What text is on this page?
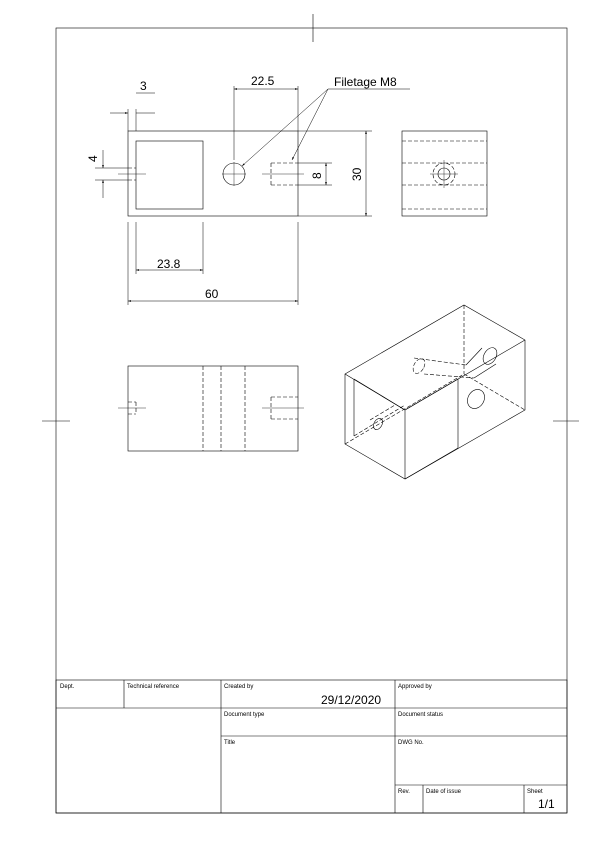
3	22.5
4
8 30
23.8
60
Filetage M8
Dept.	Technical reference	Created by
29/12/2020
Approved by
Document type	Document status
Title	DWG No.
Rev.	Date of issue	Sheet
1/1
